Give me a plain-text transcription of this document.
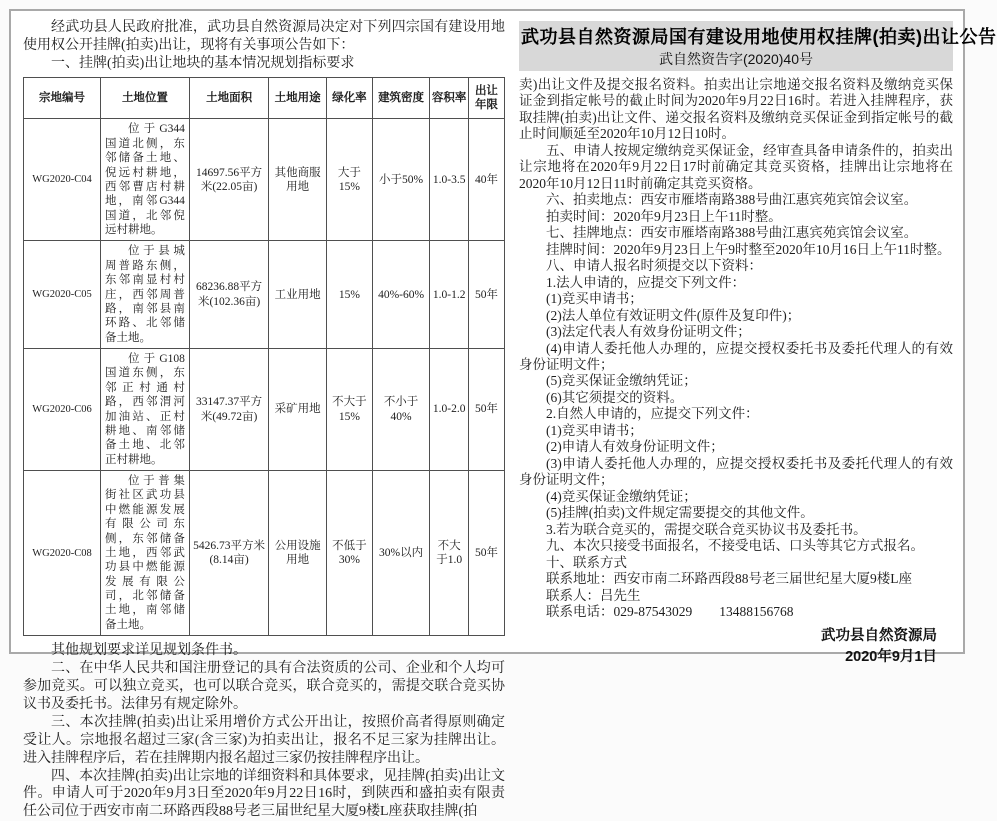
经武功县人民政府批准，武功县自然资源局决定对下列四宗国有建设用地使用权公开挂牌(拍卖)出让，现将有关事项公告如下：

一、挂牌(拍卖)出让地块的基本情况规划指标要求

宗地编号	土地位置	土地面积	土地用途	绿化率	建筑密度	容积率	出让年限
WG2020-C04	位于G344国道北侧，东邻储备土地、倪远村耕地，西邻曹店村耕地，南邻G344国道，北邻倪远村耕地。	14697.56平方米(22.05亩)	其他商服用地	大于15%	小于50%	1.0-3.5	40年
WG2020-C05	位于县城周普路东侧，东邻南显村村庄，西邻周普路，南邻县南环路、北邻储备土地。	68236.88平方米(102.36亩)	工业用地	15%	40%-60%	1.0-1.2	50年
WG2020-C06	位于G108国道东侧，东邻正村通村路，西邻渭河加油站、正村耕地、南邻储备土地、北邻正村耕地。	33147.37平方米(49.72亩)	采矿用地	不大于15%	不小于40%	1.0-2.0	50年
WG2020-C08	位于普集街社区武功县中燃能源发展有限公司东侧，东邻储备土地，西邻武功县中燃能源发展有限公司，北邻储备土地，南邻储备土地。	5426.73平方米(8.14亩)	公用设施用地	不低于30%	30%以内	不大于1.0	50年

其他规划要求详见规划条件书。

二、在中华人民共和国注册登记的具有合法资质的公司、企业和个人均可参加竞买。可以独立竞买，也可以联合竞买，联合竞买的，需提交联合竞买协议书及委托书。法律另有规定除外。

三、本次挂牌(拍卖)出让采用增价方式公开出让，按照价高者得原则确定受让人。宗地报名超过三家(含三家)为拍卖出让，报名不足三家为挂牌出让。进入挂牌程序后，若在挂牌期内报名超过三家仍按挂牌程序出让。

四、本次挂牌(拍卖)出让宗地的详细资料和具体要求，见挂牌(拍卖)出让文件。申请人可于2020年9月3日至2020年9月22日16时，到陕西和盛拍卖有限责任公司位于西安市南二环路西段88号老三届世纪星大厦9楼L座获取挂牌(拍

武功县自然资源局国有建设用地使用权挂牌(拍卖)出让公告
武自然资告字(2020)40号

卖)出让文件及提交报名资料。拍卖出让宗地递交报名资料及缴纳竞买保证金到指定帐号的截止时间为2020年9月22日16时。若进入挂牌程序，获取挂牌(拍卖)出让文件、递交报名资料及缴纳竞买保证金到指定帐号的截止时间顺延至2020年10月12日10时。

五、申请人按规定缴纳竞买保证金，经审查具备申请条件的，拍卖出让宗地将在2020年9月22日17时前确定其竞买资格，挂牌出让宗地将在2020年10月12日11时前确定其竞买资格。

六、拍卖地点：西安市雁塔南路388号曲江惠宾苑宾馆会议室。

拍卖时间：2020年9月23日上午11时整。

七、挂牌地点：西安市雁塔南路388号曲江惠宾苑宾馆会议室。

挂牌时间：2020年9月23日上午9时整至2020年10月16日上午11时整。

八、申请人报名时须提交以下资料：

1.法人申请的，应提交下列文件：

(1)竞买申请书；

(2)法人单位有效证明文件(原件及复印件)；

(3)法定代表人有效身份证明文件；

(4)申请人委托他人办理的，应提交授权委托书及委托代理人的有效身份证明文件；

(5)竞买保证金缴纳凭证；

(6)其它须提交的资料。

2.自然人申请的，应提交下列文件：

(1)竞买申请书；

(2)申请人有效身份证明文件；

(3)申请人委托他人办理的，应提交授权委托书及委托代理人的有效身份证明文件；

(4)竞买保证金缴纳凭证；

(5)挂牌(拍卖)文件规定需要提交的其他文件。

3.若为联合竞买的，需提交联合竞买协议书及委托书。

九、本次只接受书面报名，不接受电话、口头等其它方式报名。

十、联系方式

联系地址：西安市南二环路西段88号老三届世纪星大厦9楼L座

联系人：吕先生

联系电话：029-87543029        13488156768

武功县自然资源局
2020年9月1日
